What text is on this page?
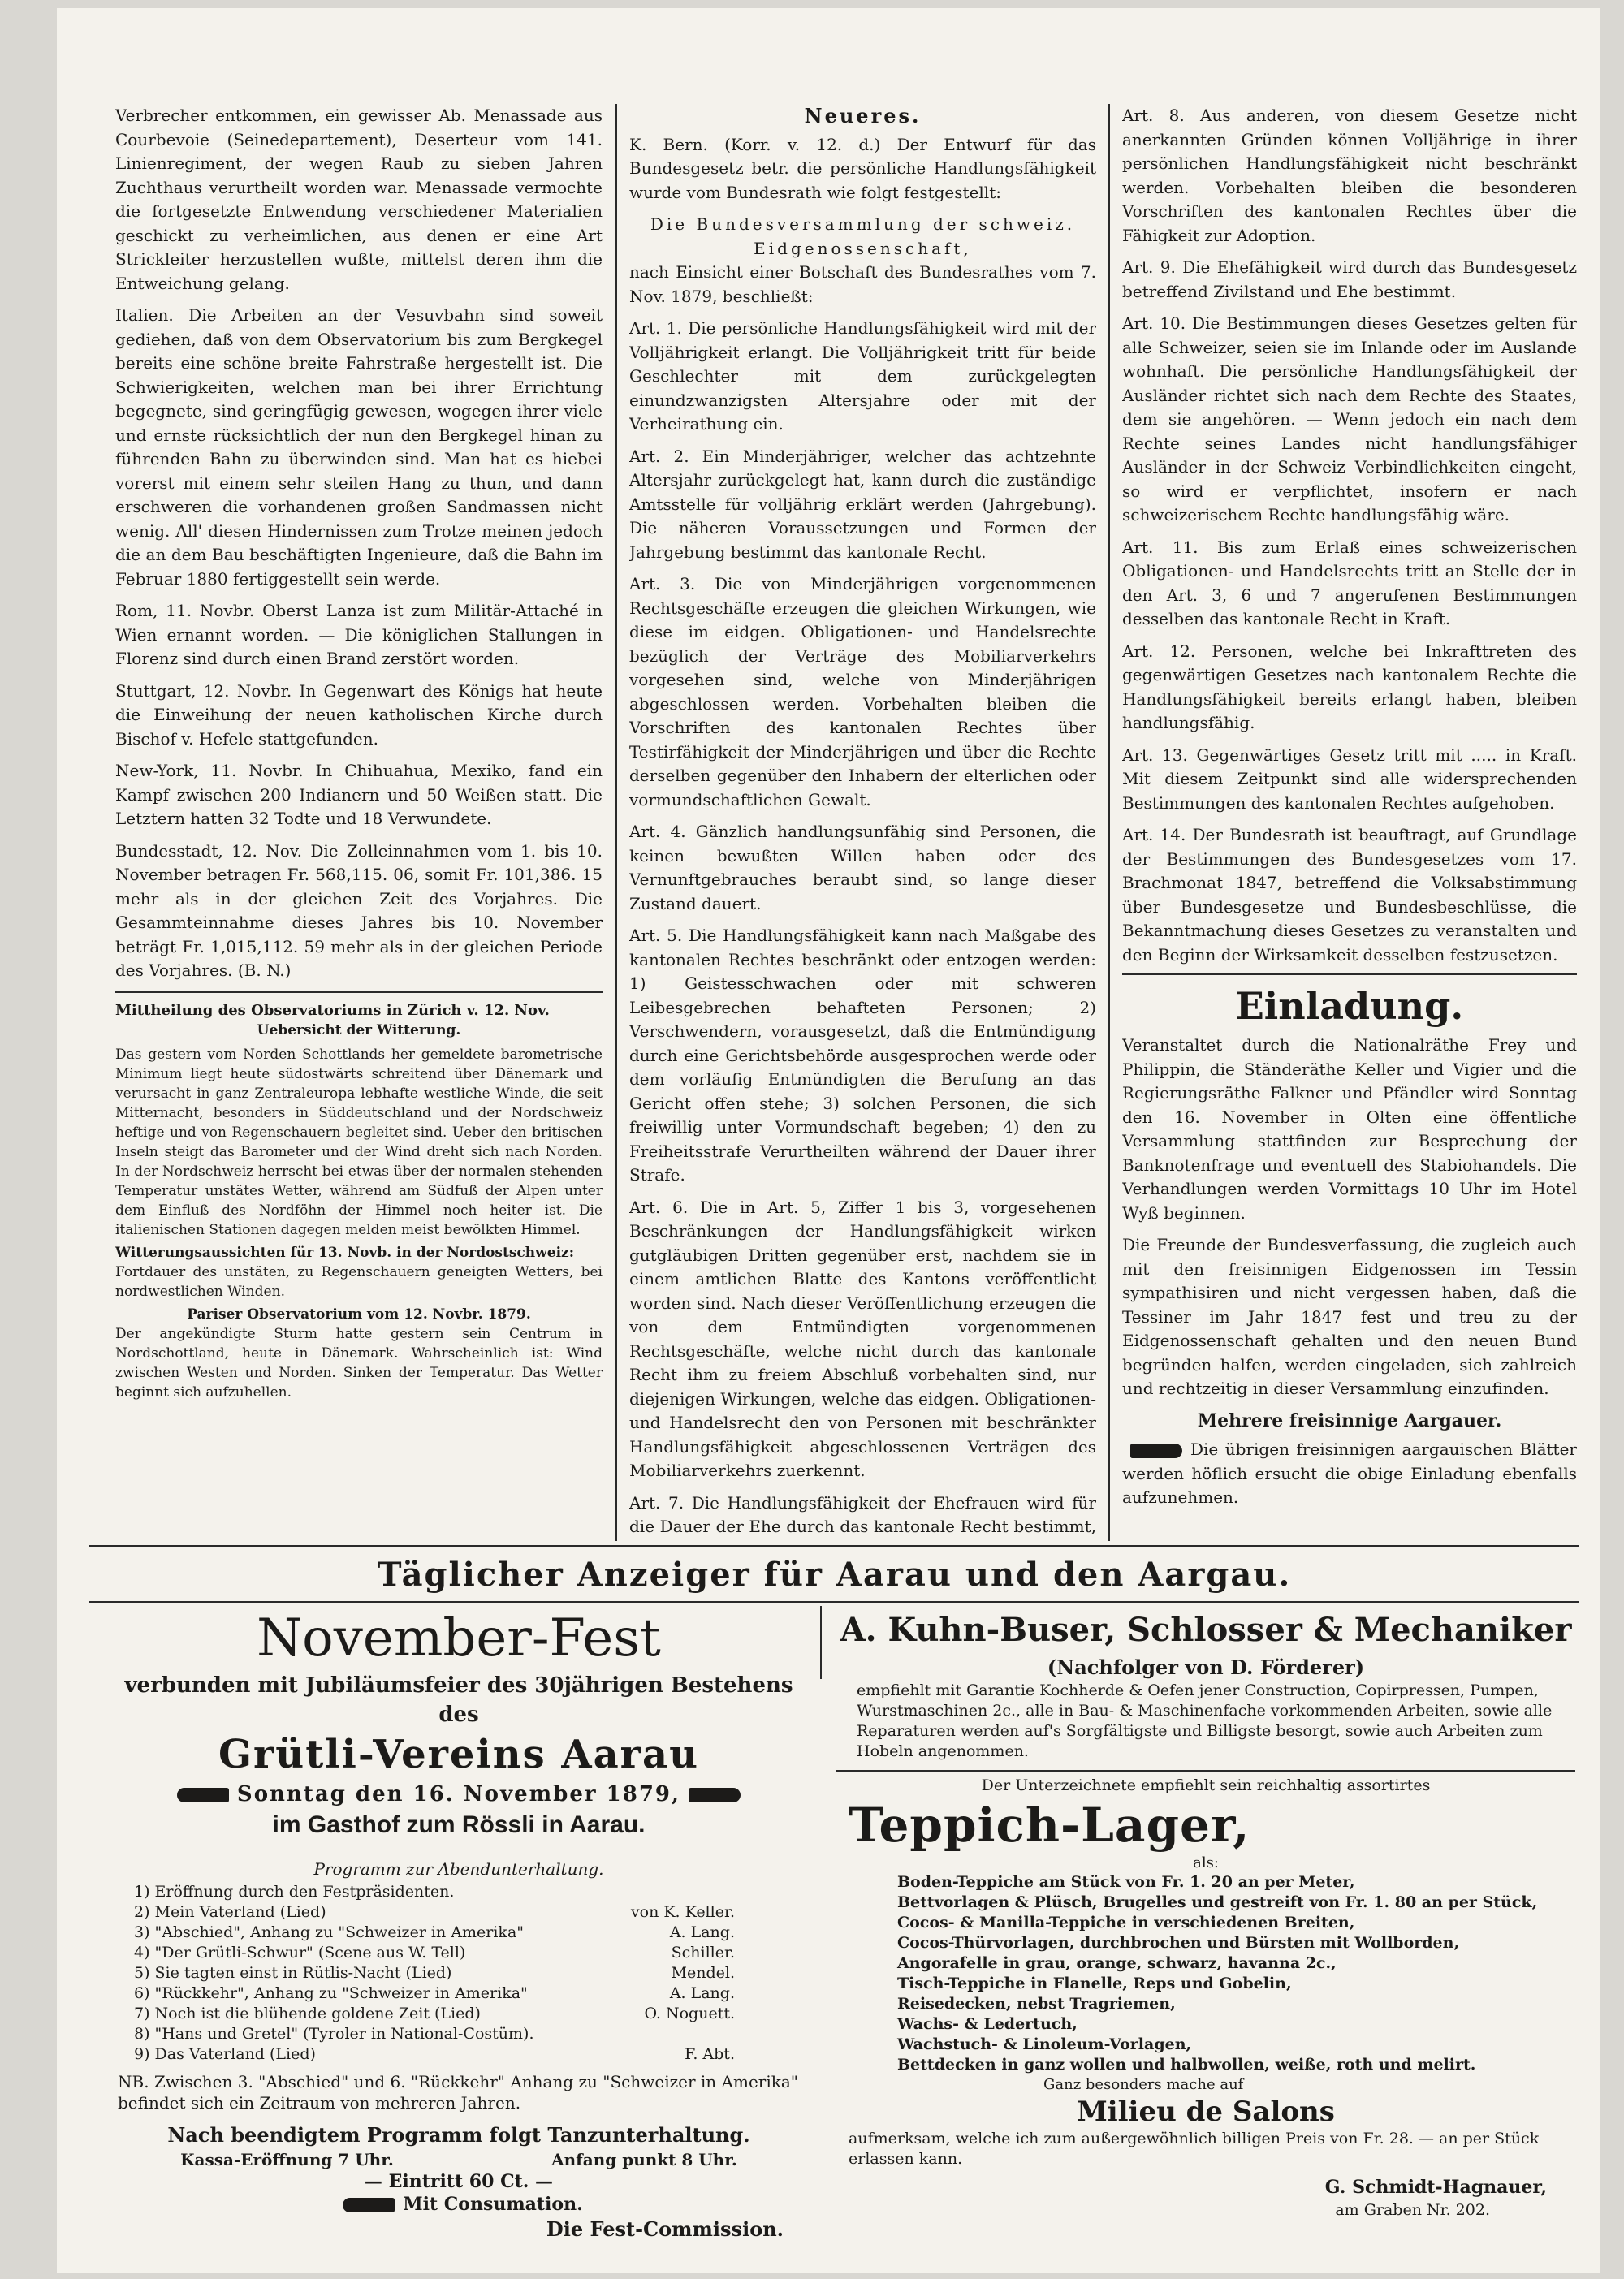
Verbrecher entkommen, ein gewisser Ab. Menassade aus Courbevoie (Seinedepartement), Deserteur vom 141. Linienregiment, der wegen Raub zu sieben Jahren Zuchthaus verurtheilt worden war. Menassade vermochte die fortgesetzte Entwendung verschiedener Materialien geschickt zu verheimlichen, aus denen er eine Art Strickleiter herzustellen wußte, mittelst deren ihm die Entweichung gelang.

Italien. Die Arbeiten an der Vesuvbahn sind soweit gediehen, daß von dem Observatorium bis zum Bergkegel bereits eine schöne breite Fahrstraße hergestellt ist. Die Schwierigkeiten, welchen man bei ihrer Errichtung begegnete, sind geringfügig gewesen, wogegen ihrer viele und ernste rücksichtlich der nun den Bergkegel hinan zu führenden Bahn zu überwinden sind. Man hat es hiebei vorerst mit einem sehr steilen Hang zu thun, und dann erschweren die vorhandenen großen Sandmassen nicht wenig. All' diesen Hindernissen zum Trotze meinen jedoch die an dem Bau beschäftigten Ingenieure, daß die Bahn im Februar 1880 fertiggestellt sein werde.

Rom, 11. Novbr. Oberst Lanza ist zum Militär-Attaché in Wien ernannt worden. — Die königlichen Stallungen in Florenz sind durch einen Brand zerstört worden.

Stuttgart, 12. Novbr. In Gegenwart des Königs hat heute die Einweihung der neuen katholischen Kirche durch Bischof v. Hefele stattgefunden.

New-York, 11. Novbr. In Chihuahua, Mexiko, fand ein Kampf zwischen 200 Indianern und 50 Weißen statt. Die Letztern hatten 32 Todte und 18 Verwundete.

Bundesstadt, 12. Nov. Die Zolleinnahmen vom 1. bis 10. November betragen Fr. 568,115. 06, somit Fr. 101,386. 15 mehr als in der gleichen Zeit des Vorjahres. Die Gesammteinnahme dieses Jahres bis 10. November beträgt Fr. 1,015,112. 59 mehr als in der gleichen Periode des Vorjahres. (B. N.)

Mittheilung des Observatoriums in Zürich v. 12. Nov.
Uebersicht der Witterung.

Das gestern vom Norden Schottlands her gemeldete barometrische Minimum liegt heute südostwärts schreitend über Dänemark und verursacht in ganz Zentraleuropa lebhafte westliche Winde, die seit Mitternacht, besonders in Süddeutschland und der Nordschweiz heftige und von Regenschauern begleitet sind. Ueber den britischen Inseln steigt das Barometer und der Wind dreht sich nach Norden. In der Nordschweiz herrscht bei etwas über der normalen stehenden Temperatur unstätes Wetter, während am Südfuß der Alpen unter dem Einfluß des Nordföhn der Himmel noch heiter ist. Die italienischen Stationen dagegen melden meist bewölkten Himmel.

Witterungsaussichten für 13. Novb. in der Nordostschweiz:

Fortdauer des unstäten, zu Regenschauern geneigten Wetters, bei nordwestlichen Winden.

Pariser Observatorium vom 12. Novbr. 1879.

Der angekündigte Sturm hatte gestern sein Centrum in Nordschottland, heute in Dänemark. Wahrscheinlich ist: Wind zwischen Westen und Norden. Sinken der Temperatur. Das Wetter beginnt sich aufzuhellen.

Neueres.

K. Bern. (Korr. v. 12. d.) Der Entwurf für das Bundesgesetz betr. die persönliche Handlungsfähigkeit wurde vom Bundesrath wie folgt festgestellt:

Die Bundesversammlung der schweiz. Eidgenossenschaft,

nach Einsicht einer Botschaft des Bundesrathes vom 7. Nov. 1879, beschließt:

Art. 1. Die persönliche Handlungsfähigkeit wird mit der Volljährigkeit erlangt. Die Volljährigkeit tritt für beide Geschlechter mit dem zurückgelegten einundzwanzigsten Altersjahre oder mit der Verheirathung ein.

Art. 2. Ein Minderjähriger, welcher das achtzehnte Altersjahr zurückgelegt hat, kann durch die zuständige Amtsstelle für volljährig erklärt werden (Jahrgebung). Die näheren Voraussetzungen und Formen der Jahrgebung bestimmt das kantonale Recht.

Art. 3. Die von Minderjährigen vorgenommenen Rechtsgeschäfte erzeugen die gleichen Wirkungen, wie diese im eidgen. Obligationen- und Handelsrechte bezüglich der Verträge des Mobiliarverkehrs vorgesehen sind, welche von Minderjährigen abgeschlossen werden. Vorbehalten bleiben die Vorschriften des kantonalen Rechtes über Testirfähigkeit der Minderjährigen und über die Rechte derselben gegenüber den Inhabern der elterlichen oder vormundschaftlichen Gewalt.

Art. 4. Gänzlich handlungsunfähig sind Personen, die keinen bewußten Willen haben oder des Vernunftgebrauches beraubt sind, so lange dieser Zustand dauert.

Art. 5. Die Handlungsfähigkeit kann nach Maßgabe des kantonalen Rechtes beschränkt oder entzogen werden: 1) Geistesschwachen oder mit schweren Leibesgebrechen behafteten Personen; 2) Verschwendern, vorausgesetzt, daß die Entmündigung durch eine Gerichtsbehörde ausgesprochen werde oder dem vorläufig Entmündigten die Berufung an das Gericht offen stehe; 3) solchen Personen, die sich freiwillig unter Vormundschaft begeben; 4) den zu Freiheitsstrafe Verurtheilten während der Dauer ihrer Strafe.

Art. 6. Die in Art. 5, Ziffer 1 bis 3, vorgesehenen Beschränkungen der Handlungsfähigkeit wirken gutgläubigen Dritten gegenüber erst, nachdem sie in einem amtlichen Blatte des Kantons veröffentlicht worden sind. Nach dieser Veröffentlichung erzeugen die von dem Entmündigten vorgenommenen Rechtsgeschäfte, welche nicht durch das kantonale Recht ihm zu freiem Abschluß vorbehalten sind, nur diejenigen Wirkungen, welche das eidgen. Obligationen- und Handelsrecht den von Personen mit beschränkter Handlungsfähigkeit abgeschlossenen Verträgen des Mobiliarverkehrs zuerkennt.

Art. 7. Die Handlungsfähigkeit der Ehefrauen wird für die Dauer der Ehe durch das kantonale Recht bestimmt,

Art. 8. Aus anderen, von diesem Gesetze nicht anerkannten Gründen können Volljährige in ihrer persönlichen Handlungsfähigkeit nicht beschränkt werden. Vorbehalten bleiben die besonderen Vorschriften des kantonalen Rechtes über die Fähigkeit zur Adoption.

Art. 9. Die Ehefähigkeit wird durch das Bundesgesetz betreffend Zivilstand und Ehe bestimmt.

Art. 10. Die Bestimmungen dieses Gesetzes gelten für alle Schweizer, seien sie im Inlande oder im Auslande wohnhaft. Die persönliche Handlungsfähigkeit der Ausländer richtet sich nach dem Rechte des Staates, dem sie angehören. — Wenn jedoch ein nach dem Rechte seines Landes nicht handlungsfähiger Ausländer in der Schweiz Verbindlichkeiten eingeht, so wird er verpflichtet, insofern er nach schweizerischem Rechte handlungsfähig wäre.

Art. 11. Bis zum Erlaß eines schweizerischen Obligationen- und Handelsrechts tritt an Stelle der in den Art. 3, 6 und 7 angerufenen Bestimmungen desselben das kantonale Recht in Kraft.

Art. 12. Personen, welche bei Inkrafttreten des gegenwärtigen Gesetzes nach kantonalem Rechte die Handlungsfähigkeit bereits erlangt haben, bleiben handlungsfähig.

Art. 13. Gegenwärtiges Gesetz tritt mit ..... in Kraft. Mit diesem Zeitpunkt sind alle widersprechenden Bestimmungen des kantonalen Rechtes aufgehoben.

Art. 14. Der Bundesrath ist beauftragt, auf Grundlage der Bestimmungen des Bundesgesetzes vom 17. Brachmonat 1847, betreffend die Volksabstimmung über Bundesgesetze und Bundesbeschlüsse, die Bekanntmachung dieses Gesetzes zu veranstalten und den Beginn der Wirksamkeit desselben festzusetzen.

Einladung.

Veranstaltet durch die Nationalräthe Frey und Philippin, die Ständeräthe Keller und Vigier und die Regierungsräthe Falkner und Pfändler wird Sonntag den 16. November in Olten eine öffentliche Versammlung stattfinden zur Besprechung der Banknotenfrage und eventuell des Stabiohandels. Die Verhandlungen werden Vormittags 10 Uhr im Hotel Wyß beginnen.

Die Freunde der Bundesverfassung, die zugleich auch mit den freisinnigen Eidgenossen im Tessin sympathisiren und nicht vergessen haben, daß die Tessiner im Jahr 1847 fest und treu zu der Eidgenossenschaft gehalten und den neuen Bund begründen halfen, werden eingeladen, sich zahlreich und rechtzeitig in dieser Versammlung einzufinden.

Mehrere freisinnige Aargauer.

Die übrigen freisinnigen aargauischen Blätter werden höflich ersucht die obige Einladung ebenfalls aufzunehmen.

Täglicher Anzeiger für Aarau und den Aargau.
November-Fest
verbunden mit Jubiläumsfeier des 30jährigen Bestehens des
Grütli-Vereins Aarau
Sonntag den 16. November 1879,
im Gasthof zum Rössli in Aarau.
Programm zur Abendunterhaltung.
1) Eröffnung durch den Festpräsidenten.
2) Mein Vaterland (Lied)	von K. Keller.
3) "Abschied", Anhang zu "Schweizer in Amerika"	A. Lang.
4) "Der Grütli-Schwur" (Scene aus W. Tell)	Schiller.
5) Sie tagten einst in Rütlis-Nacht (Lied)	Mendel.
6) "Rückkehr", Anhang zu "Schweizer in Amerika"	A. Lang.
7) Noch ist die blühende goldene Zeit (Lied)	O. Noguett.
8) "Hans und Gretel" (Tyroler in National-Costüm).
9) Das Vaterland (Lied)	F. Abt.
NB. Zwischen 3. "Abschied" und 6. "Rückkehr" Anhang zu "Schweizer in Amerika" befindet sich ein Zeitraum von mehreren Jahren.
Nach beendigtem Programm folgt Tanzunterhaltung.
Kassa-Eröffnung 7 Uhr.	Anfang punkt 8 Uhr.
— Eintritt 60 Ct. —
Mit Consumation.
Die Fest-Commission.
A. Kuhn-Buser, Schlosser & Mechaniker
(Nachfolger von D. Förderer)
empfiehlt mit Garantie Kochherde & Oefen jener Construction, Copirpressen, Pumpen, Wurstmaschinen 2c., alle in Bau- & Maschinenfache vorkommenden Arbeiten, sowie alle Reparaturen werden auf's Sorgfältigste und Billigste besorgt, sowie auch Arbeiten zum Hobeln angenommen.
Der Unterzeichnete empfiehlt sein reichhaltig assortirtes
Teppich-Lager,
als:
Boden-Teppiche am Stück von Fr. 1. 20 an per Meter,
Bettvorlagen & Plüsch, Brugelles und gestreift von Fr. 1. 80 an per Stück,
Cocos- & Manilla-Teppiche in verschiedenen Breiten,
Cocos-Thürvorlagen, durchbrochen und Bürsten mit Wollborden,
Angorafelle in grau, orange, schwarz, havanna 2c.,
Tisch-Teppiche in Flanelle, Reps und Gobelin,
Reisedecken, nebst Tragriemen,
Wachs- & Ledertuch,
Wachstuch- & Linoleum-Vorlagen,
Bettdecken in ganz wollen und halbwollen, weiße, roth und melirt.
Ganz besonders mache auf
Milieu de Salons
aufmerksam, welche ich zum außergewöhnlich billigen Preis von Fr. 28. — an per Stück erlassen kann.
G. Schmidt-Hagnauer,
am Graben Nr. 202.
